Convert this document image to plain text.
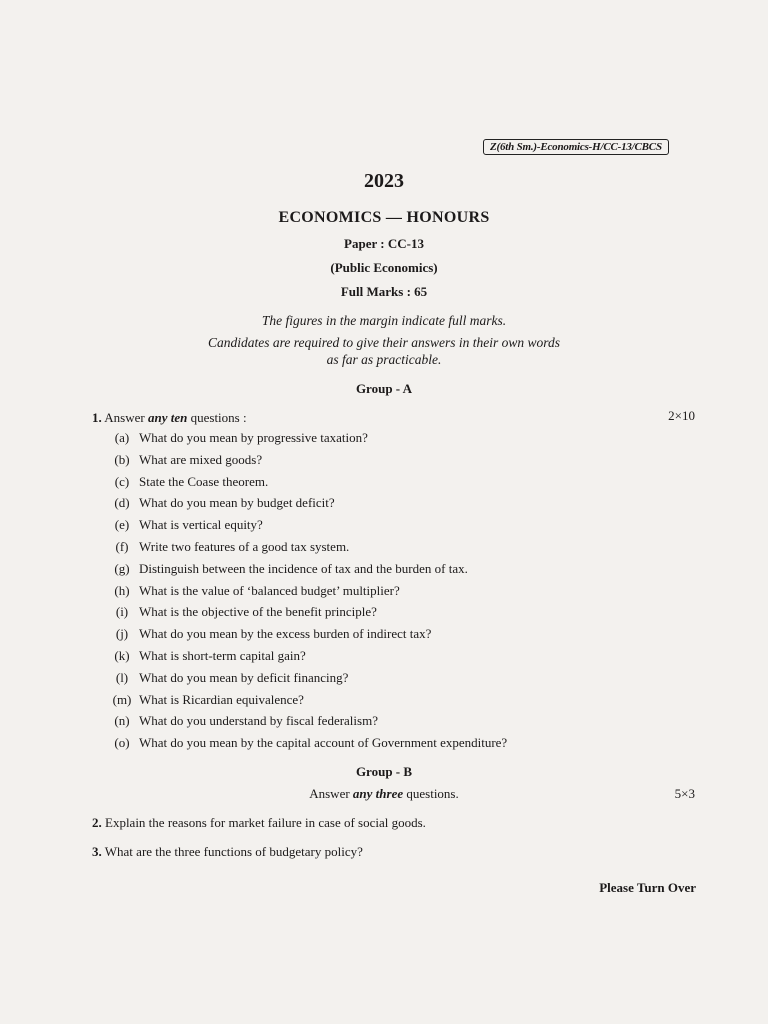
Z(6th Sm.)-Economics-H/CC-13/CBCS
2023
ECONOMICS — HONOURS
Paper : CC-13
(Public Economics)
Full Marks : 65
The figures in the margin indicate full marks.
Candidates are required to give their answers in their own words
as far as practicable.
Group - A
1. Answer any ten questions :	2×10
(a) What do you mean by progressive taxation?
(b) What are mixed goods?
(c) State the Coase theorem.
(d) What do you mean by budget deficit?
(e) What is vertical equity?
(f) Write two features of a good tax system.
(g) Distinguish between the incidence of tax and the burden of tax.
(h) What is the value of ‘balanced budget’ multiplier?
(i) What is the objective of the benefit principle?
(j) What do you mean by the excess burden of indirect tax?
(k) What is short-term capital gain?
(l) What do you mean by deficit financing?
(m) What is Ricardian equivalence?
(n) What do you understand by fiscal federalism?
(o) What do you mean by the capital account of Government expenditure?
Group - B
Answer any three questions.	5×3
2. Explain the reasons for market failure in case of social goods.
3. What are the three functions of budgetary policy?
Please Turn Over
